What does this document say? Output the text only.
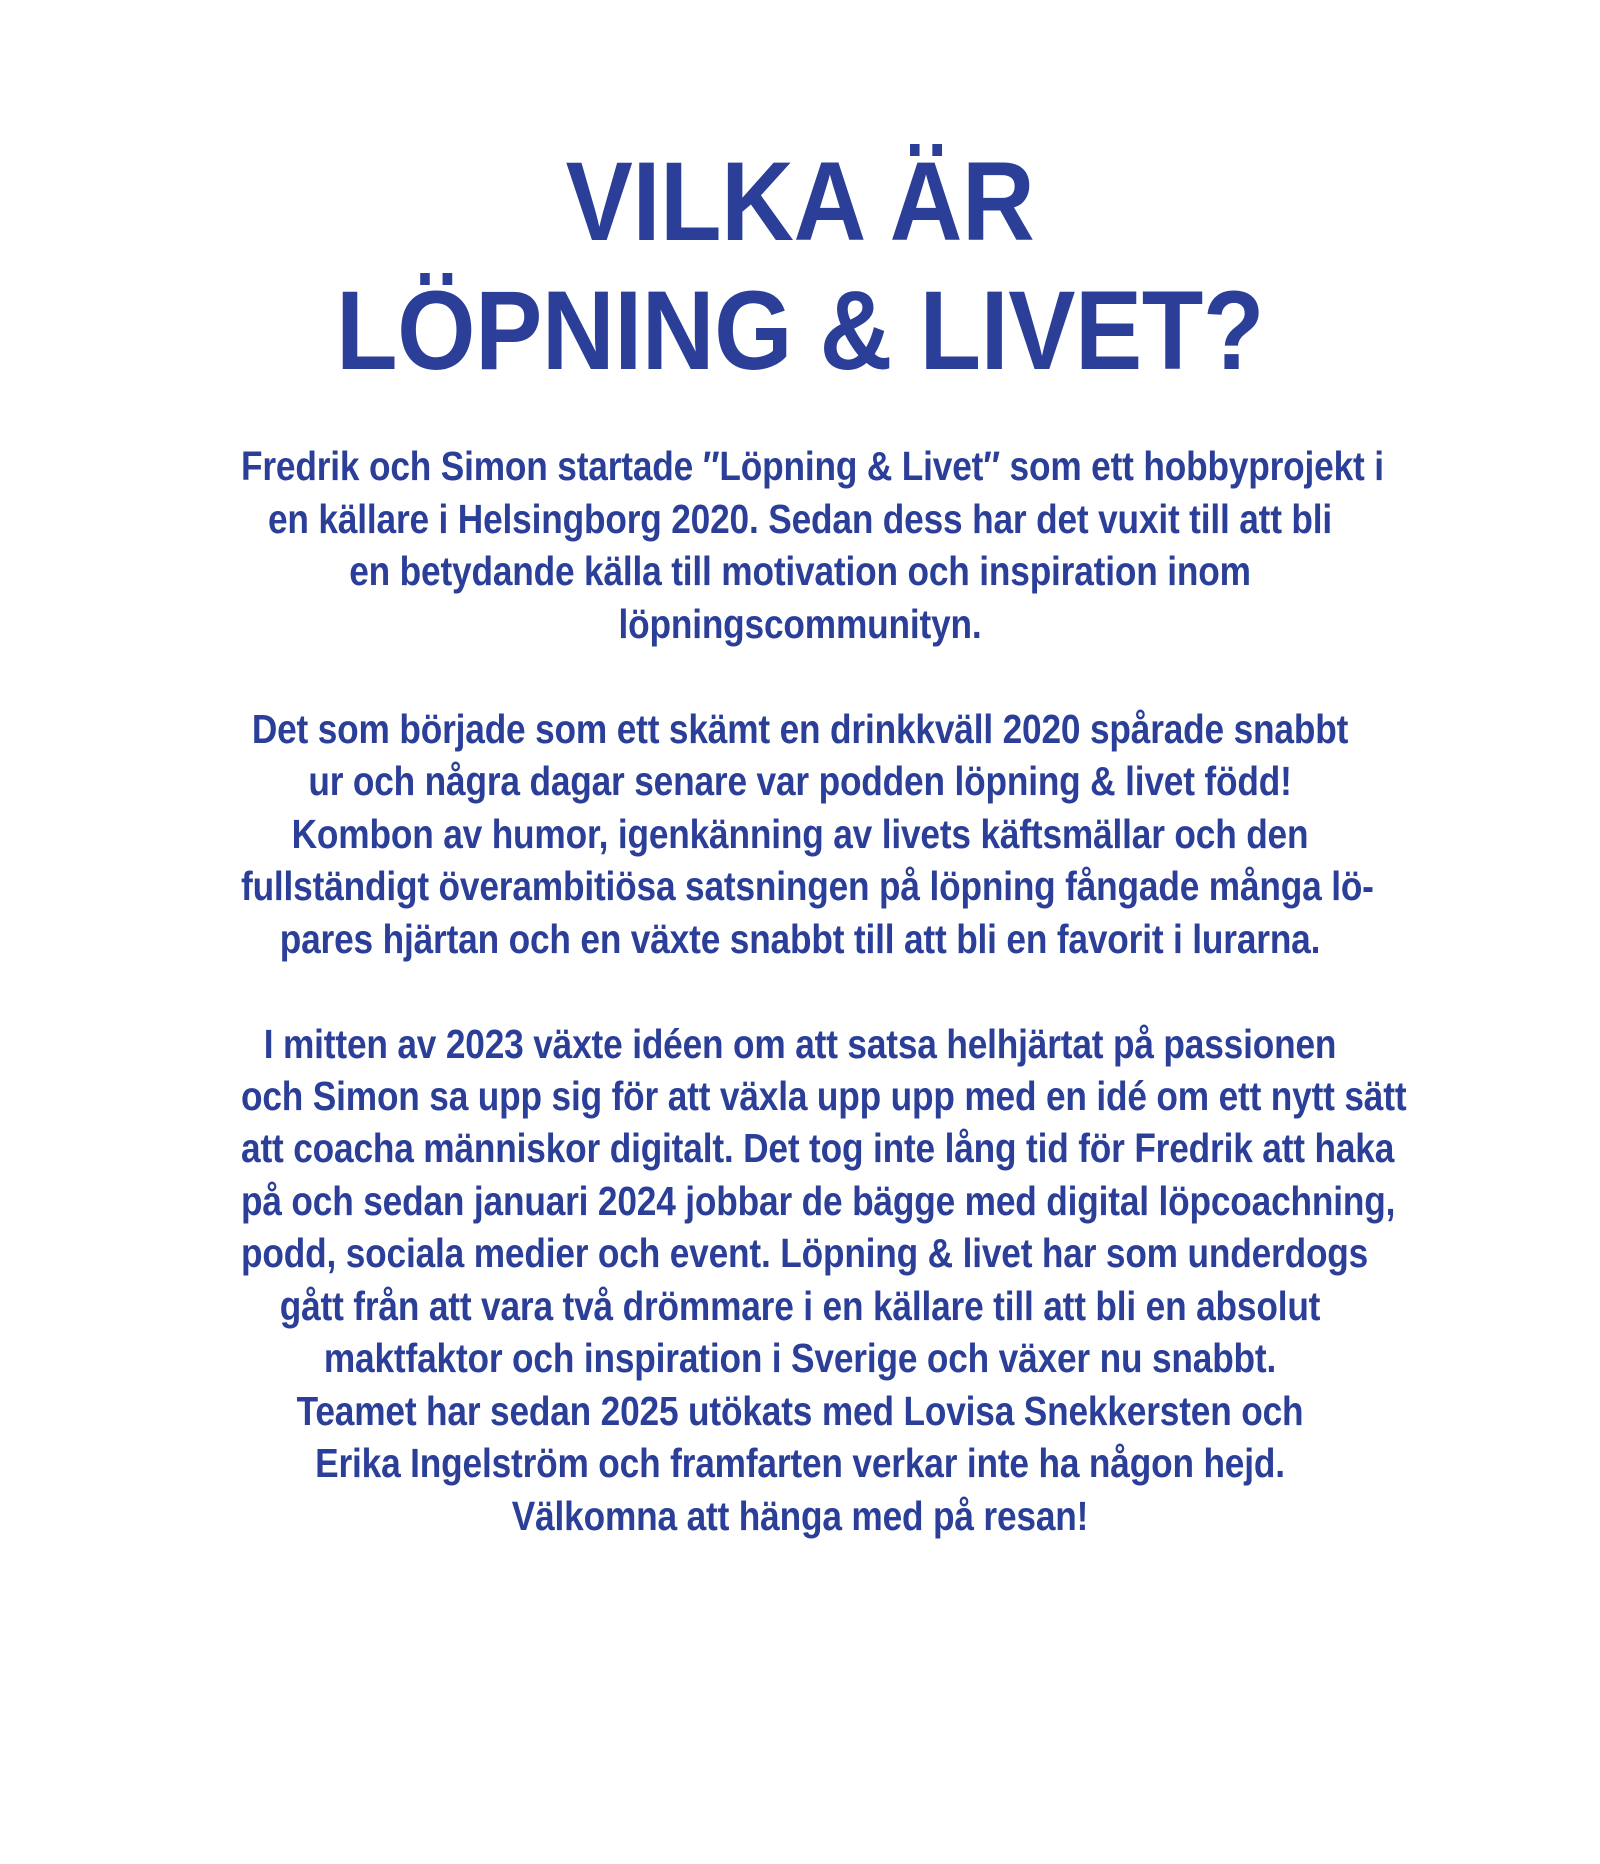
VILKA ÄR
LÖPNING & LIVET?

Fredrik och Simon startade ″Löpning & Livet″ som ett hobbyprojekt i
en källare i Helsingborg 2020. Sedan dess har det vuxit till att bli
en betydande källa till motivation och inspiration inom
löpningscommunityn.

Det som började som ett skämt en drinkkväll 2020 spårade snabbt
ur och några dagar senare var podden löpning & livet född!
Kombon av humor, igenkänning av livets käftsmällar och den
fullständigt överambitiösa satsningen på löpning fångade många lö-
pares hjärtan och en växte snabbt till att bli en favorit i lurarna.

I mitten av 2023 växte idéen om att satsa helhjärtat på passionen
och Simon sa upp sig för att växla upp upp med en idé om ett nytt sätt
att coacha människor digitalt. Det tog inte lång tid för Fredrik att haka
på och sedan januari 2024 jobbar de bägge med digital löpcoachning,
podd, sociala medier och event. Löpning & livet har som underdogs
gått från att vara två drömmare i en källare till att bli en absolut
maktfaktor och inspiration i Sverige och växer nu snabbt.
Teamet har sedan 2025 utökats med Lovisa Snekkersten och
Erika Ingelström och framfarten verkar inte ha någon hejd.
Välkomna att hänga med på resan!
